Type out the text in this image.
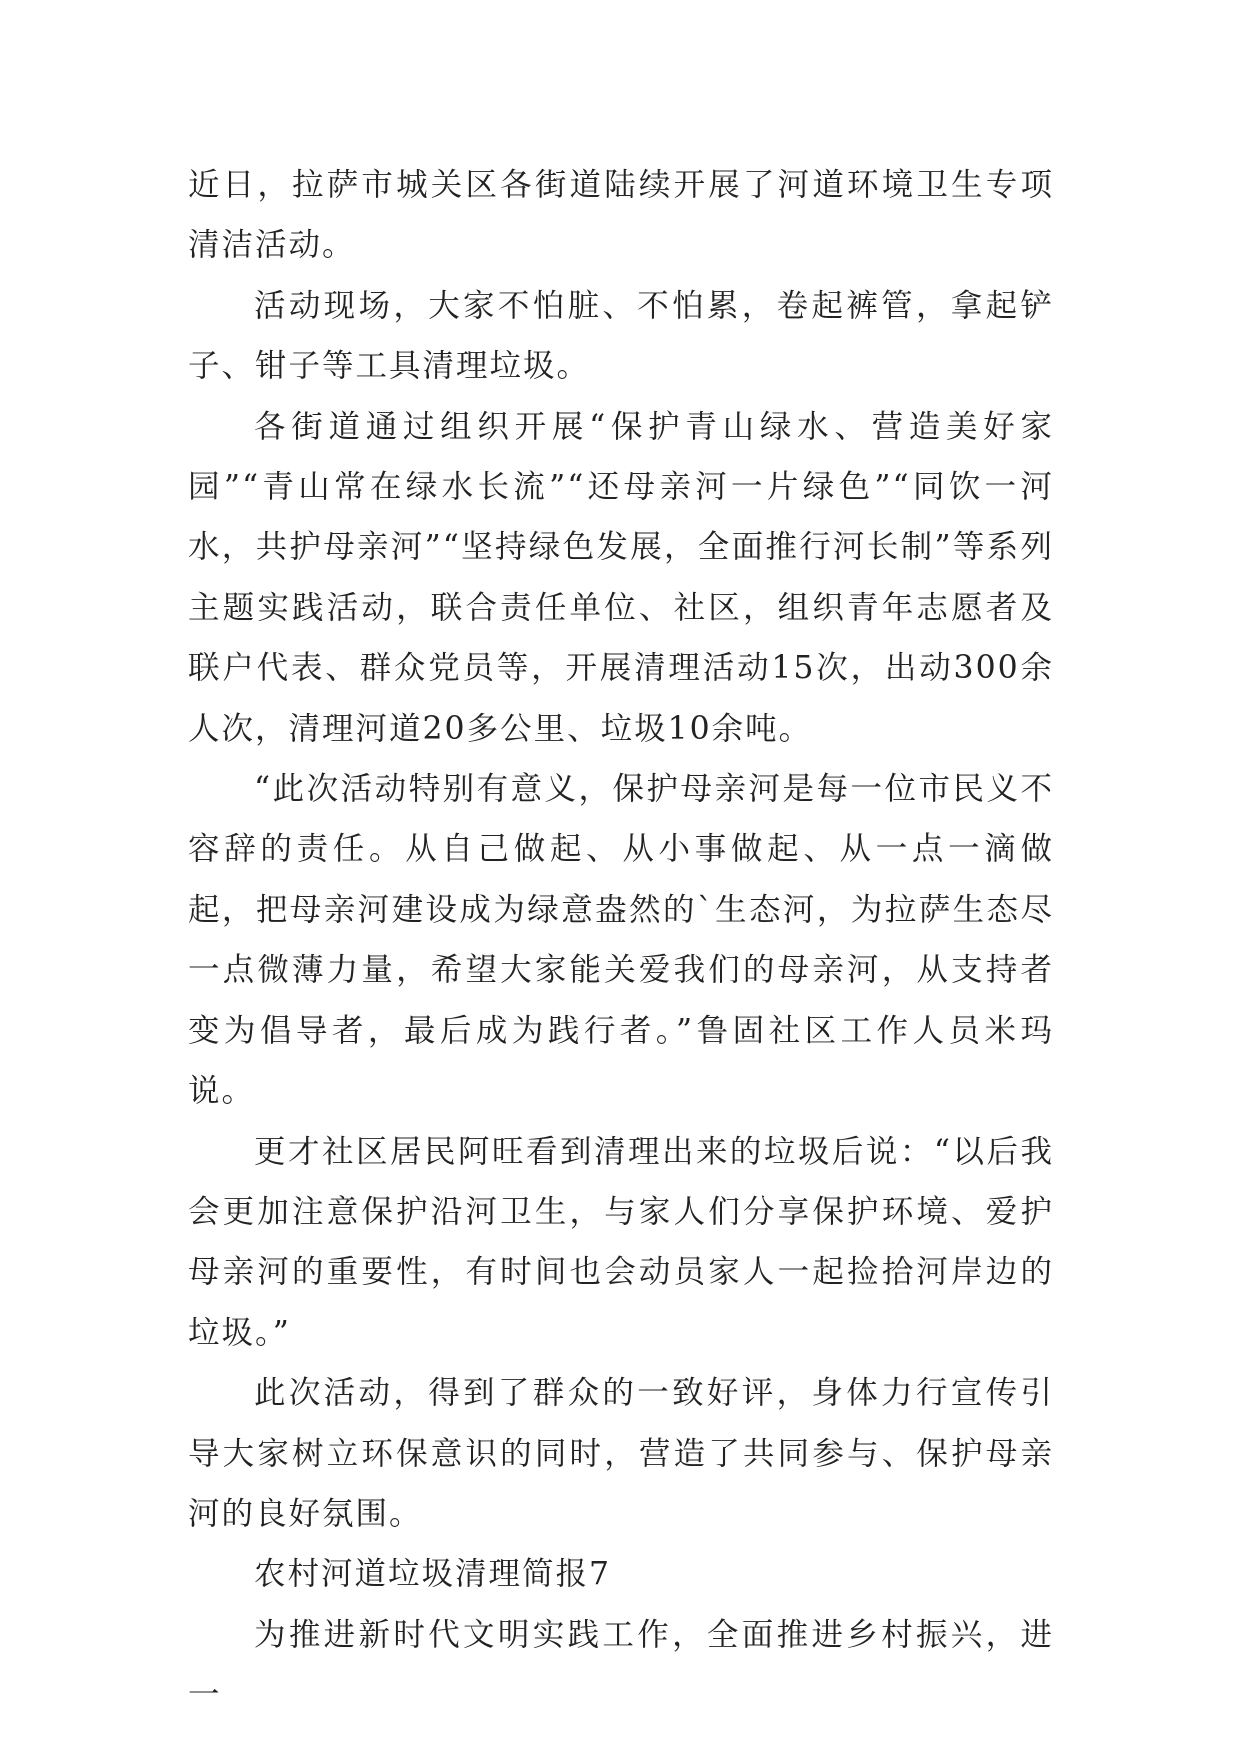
近日，拉萨市城关区各街道陆续开展了河道环境卫生专项清洁活动。

活动现场，大家不怕脏、不怕累，卷起裤管，拿起铲子、钳子等工具清理垃圾。

各街道通过组织开展“保护青山绿水、营造美好家园”“青山常在绿水长流”“还母亲河一片绿色”“同饮一河水，共护母亲河”“坚持绿色发展，全面推行河长制”等系列主题实践活动，联合责任单位、社区，组织青年志愿者及联户代表、群众党员等，开展清理活动15次，出动300余人次，清理河道20多公里、垃圾10余吨。

“此次活动特别有意义，保护母亲河是每一位市民义不容辞的责任。从自己做起、从小事做起、从一点一滴做起，把母亲河建设成为绿意盎然的`生态河，为拉萨生态尽一点微薄力量，希望大家能关爱我们的母亲河，从支持者变为倡导者，最后成为践行者。”鲁固社区工作人员米玛说。

更才社区居民阿旺看到清理出来的垃圾后说：“以后我会更加注意保护沿河卫生，与家人们分享保护环境、爱护母亲河的重要性，有时间也会动员家人一起捡拾河岸边的垃圾。”

此次活动，得到了群众的一致好评，身体力行宣传引导大家树立环保意识的同时，营造了共同参与、保护母亲河的良好氛围。

农村河道垃圾清理简报7

为推进新时代文明实践工作，全面推进乡村振兴，进一
